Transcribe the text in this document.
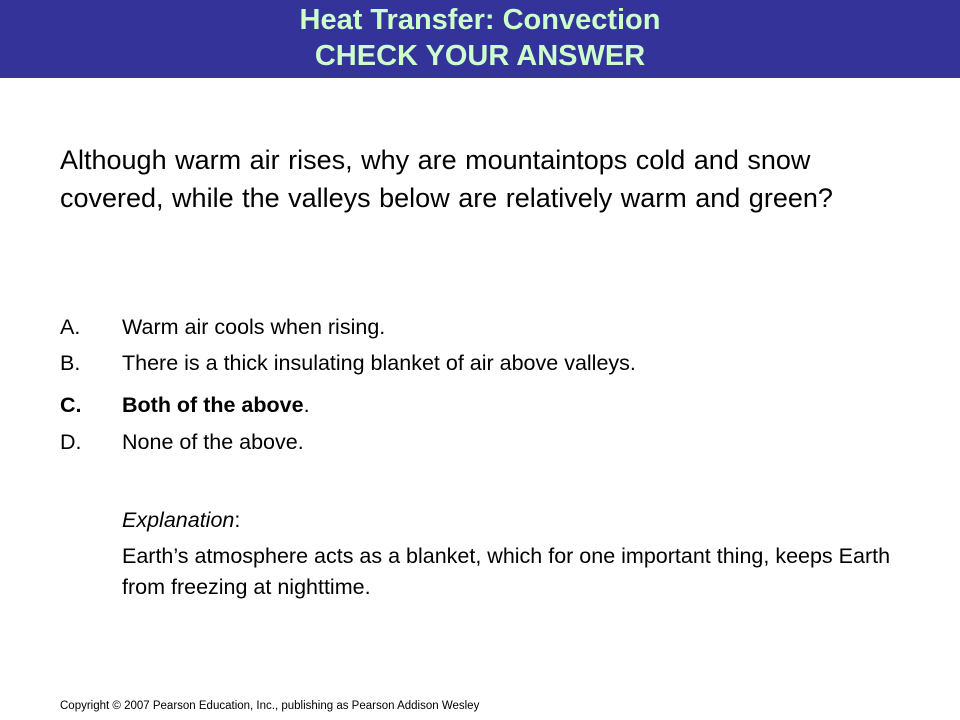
Heat Transfer: Convection
CHECK YOUR ANSWER
Although warm air rises, why are mountaintops cold and snow covered, while the valleys below are relatively warm and green?
A.	Warm air cools when rising.
B.	There is a thick insulating blanket of air above valleys.
C.	Both of the above.
D.	None of the above.
Explanation:
Earth’s atmosphere acts as a blanket, which for one important thing, keeps Earth from freezing at nighttime.
Copyright © 2007 Pearson Education, Inc., publishing as Pearson Addison Wesley
